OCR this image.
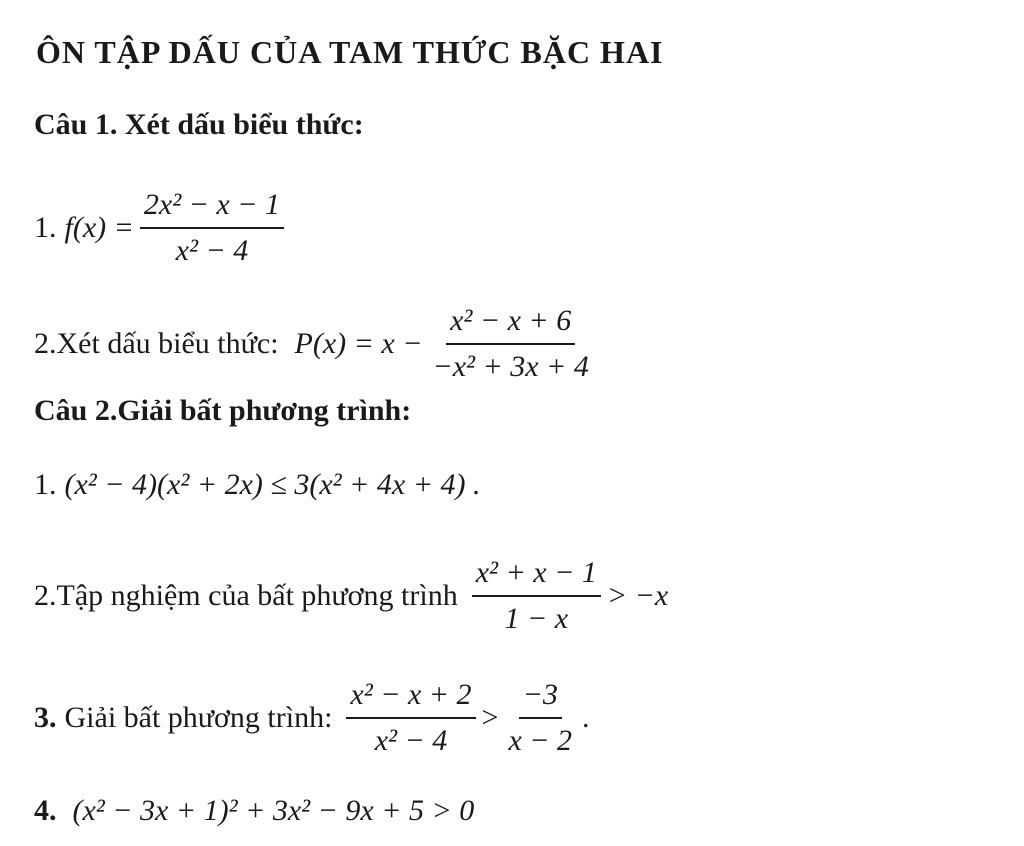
ÔN TẬP DẤU CỦA TAM THỨC BẶC HAI
Câu 1. Xét dấu biểu thức:
1. $f(x) = \frac{\text{2x² − x − 1}}{\text{x² − 4}}$
2.Xét dấu biểu thức: $P(x) = x - \frac{\text{x² − x + 6}}{\text{−x² + 3x + 4}}$
Câu 2.Giải bất phương trình:
1. (x² − 4)(x² + 2x) ≤ 3(x² + 4x + 4) .
2.Tập nghiệm của bất phương trình $\frac{\text{x² + x − 1}}{1 - x} > -x$
3. Giải bất phương trình: $\frac{\text{x² − x + 2}}{\text{x² − 4}} > \frac{-3}{x - 2}$ .
4. (x² − 3x + 1)² + 3x² − 9x + 5 > 0
